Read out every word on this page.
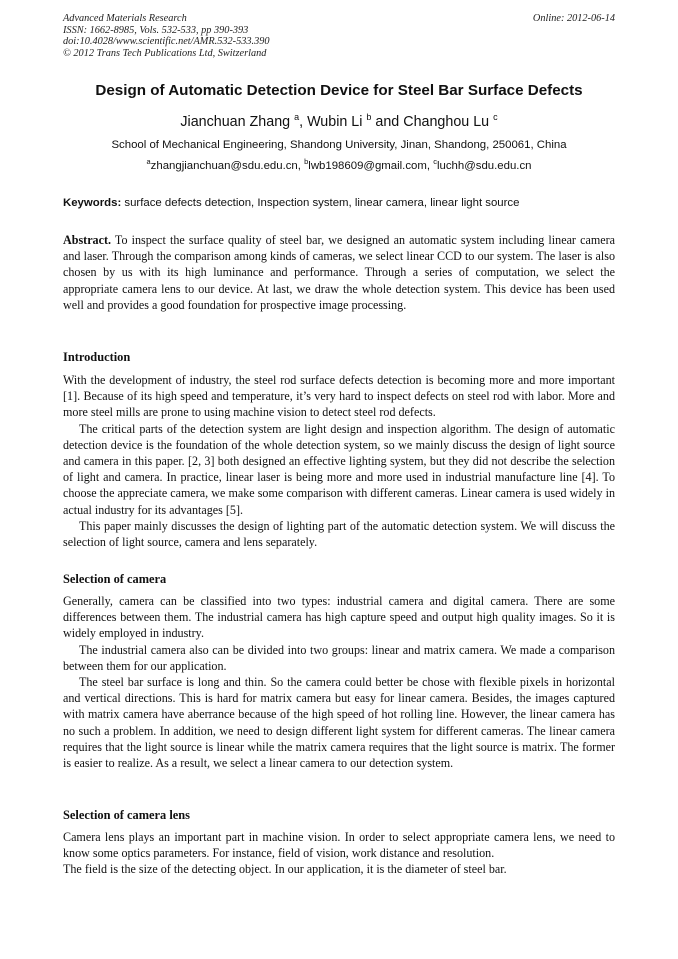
Advanced Materials Research
ISSN: 1662-8985, Vols. 532-533, pp 390-393
doi:10.4028/www.scientific.net/AMR.532-533.390
© 2012 Trans Tech Publications Ltd, Switzerland
Online: 2012-06-14
Design of Automatic Detection Device for Steel Bar Surface Defects
Jianchuan Zhang $^a$, Wubin Li $^b$ and Changhou Lu $^c$
School of Mechanical Engineering, Shandong University, Jinan, Shandong, 250061, China
$^a$zhangjianchuan@sdu.edu.cn, $^b$lwb198609@gmail.com, $^c$luchh@sdu.edu.cn
Keywords: surface defects detection, Inspection system, linear camera, linear light source

Abstract. To inspect the surface quality of steel bar, we designed an automatic system including linear camera and laser. Through the comparison among kinds of cameras, we select linear CCD to our system. The laser is also chosen by us with its high luminance and performance. Through a series of computation, we select the appropriate camera lens to our device. At last, we draw the whole detection system. This device has been used well and provides a good foundation for prospective image processing.

Introduction

With the development of industry, the steel rod surface defects detection is becoming more and more important [1]. Because of its high speed and temperature, it’s very hard to inspect defects on steel rod with labor. More and more steel mills are prone to using machine vision to detect steel rod defects.

The critical parts of the detection system are light design and inspection algorithm. The design of automatic detection device is the foundation of the whole detection system, so we mainly discuss the design of light source and camera in this paper. [2, 3] both designed an effective lighting system, but they did not describe the selection of light and camera. In practice, linear laser is being more and more used in industrial manufacture line [4]. To choose the appreciate camera, we make some comparison with different cameras. Linear camera is used widely in actual industry for its advantages [5].

This paper mainly discusses the design of lighting part of the automatic detection system. We will discuss the selection of light source, camera and lens separately.

Selection of camera

Generally, camera can be classified into two types: industrial camera and digital camera. There are some differences between them. The industrial camera has high capture speed and output high quality images. So it is widely employed in industry.

The industrial camera also can be divided into two groups: linear and matrix camera. We made a comparison between them for our application.

The steel bar surface is long and thin. So the camera could better be chose with flexible pixels in horizontal and vertical directions. This is hard for matrix camera but easy for linear camera. Besides, the images captured with matrix camera have aberrance because of the high speed of hot rolling line. However, the linear camera has no such a problem. In addition, we need to design different light system for different cameras. The linear camera requires that the light source is linear while the matrix camera requires that the light source is matrix. The former is easier to realize. As a result, we select a linear camera to our detection system.

Selection of camera lens

Camera lens plays an important part in machine vision. In order to select appropriate camera lens, we need to know some optics parameters. For instance, field of vision, work distance and resolution.

The field is the size of the detecting object. In our application, it is the diameter of steel bar.
